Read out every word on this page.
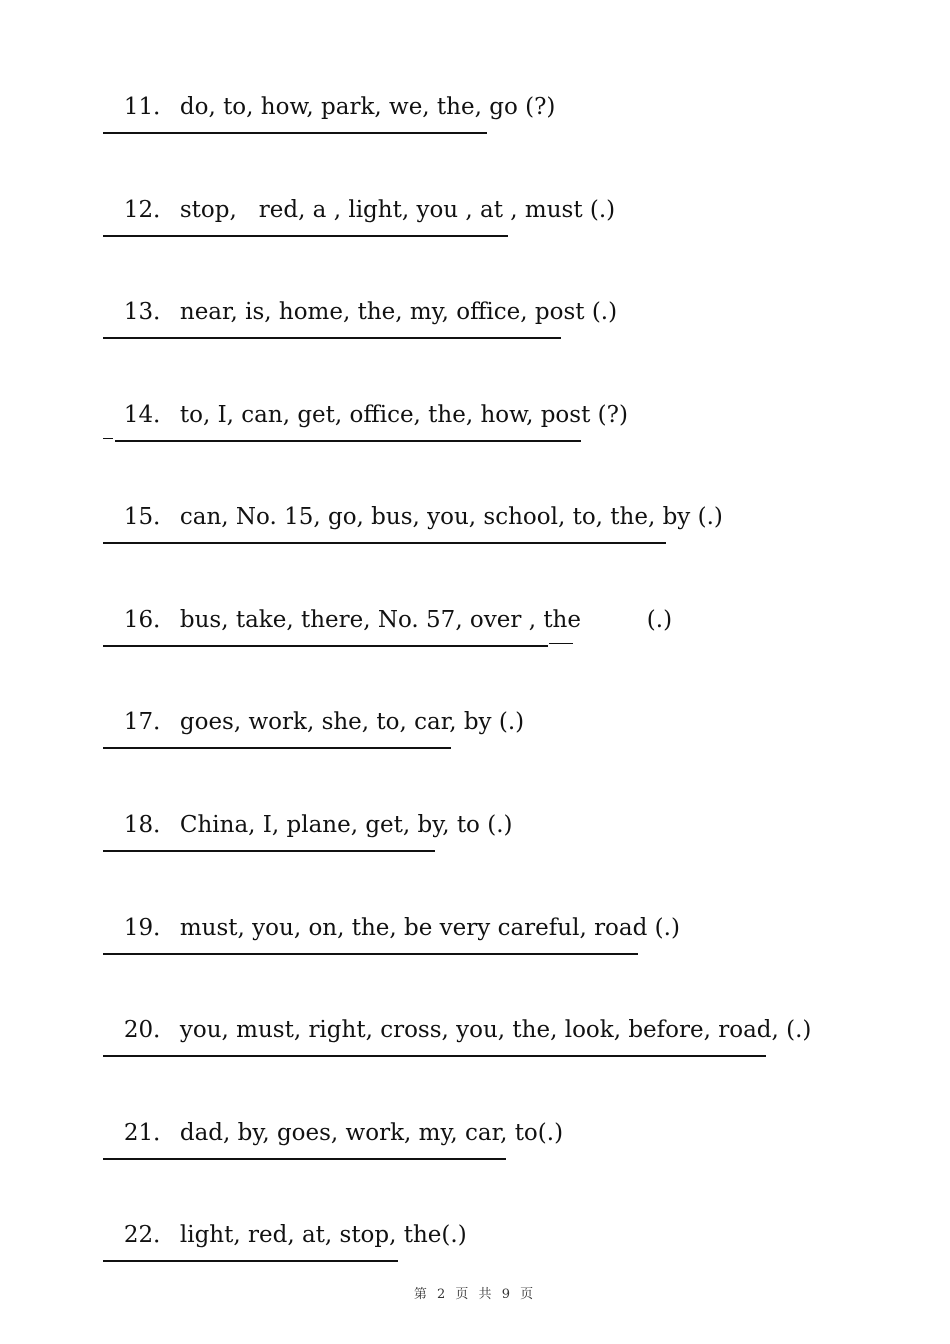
11． do, to, how, park, we, the, go (?)

12． stop,   red, a , light, you , at , must (.)

13． near, is, home, the, my, office, post (.)

14． to, I, can, get, office, the, how, post (?)

15． can, No. 15, go, bus, you, school, to, the, by (.)

16． bus, take, there, No. 57, over , the         (.)

17． goes, work, she, to, car, by (.)

18． China, I, plane, get, by, to (.)

19． must, you, on, the, be very careful, road (.)

20． you, must, right, cross, you, the, look, before, road, (.)

21． dad, by, goes, work, my, car, to(.)

22． light, red, at, stop, the(.)

第 2 页 共 9 页
